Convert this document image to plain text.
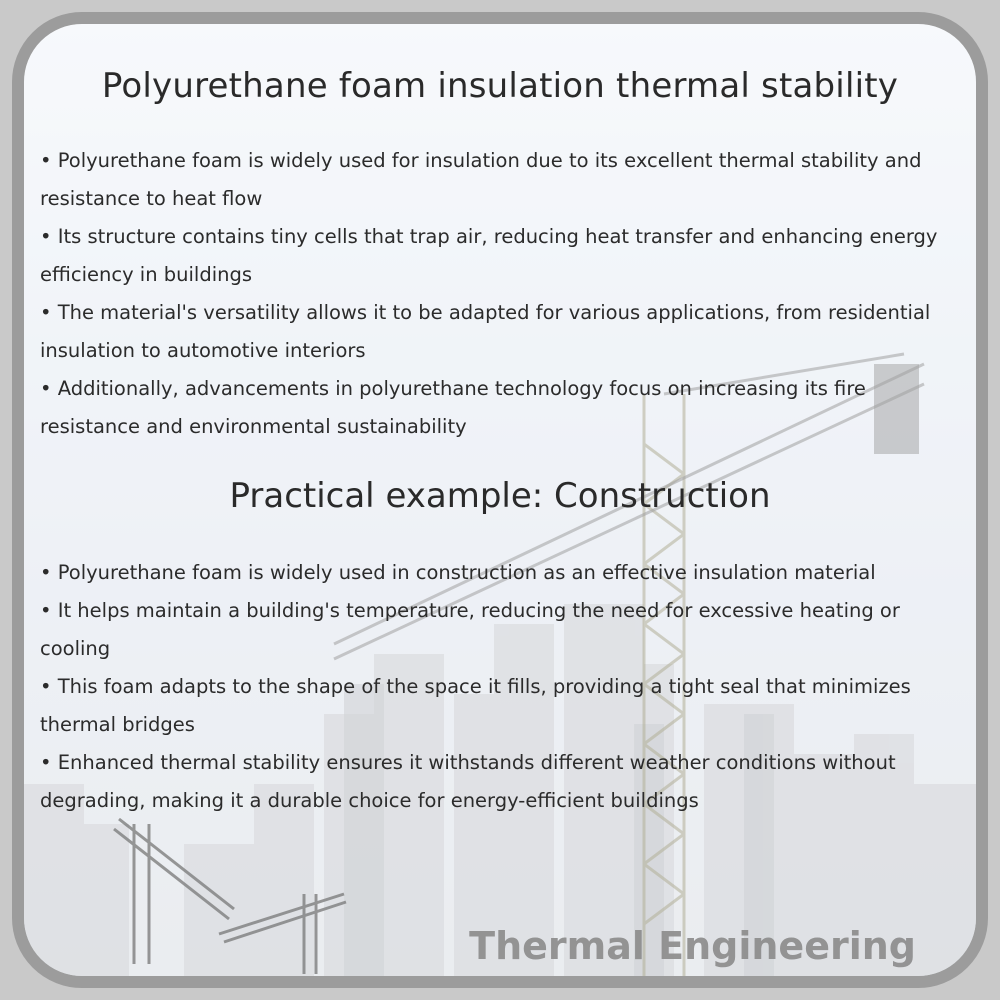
Polyurethane foam insulation thermal stability
• Polyurethane foam is widely used for insulation due to its excellent thermal stability and resistance to heat flow
• Its structure contains tiny cells that trap air, reducing heat transfer and enhancing energy efficiency in buildings
• The material's versatility allows it to be adapted for various applications, from residential insulation to automotive interiors
• Additionally, advancements in polyurethane technology focus on increasing its fire resistance and environmental sustainability
Practical example: Construction
• Polyurethane foam is widely used in construction as an effective insulation material
• It helps maintain a building's temperature, reducing the need for excessive heating or cooling
• This foam adapts to the shape of the space it fills, providing a tight seal that minimizes thermal bridges
• Enhanced thermal stability ensures it withstands different weather conditions without degrading, making it a durable choice for energy-efficient buildings
Thermal Engineering
